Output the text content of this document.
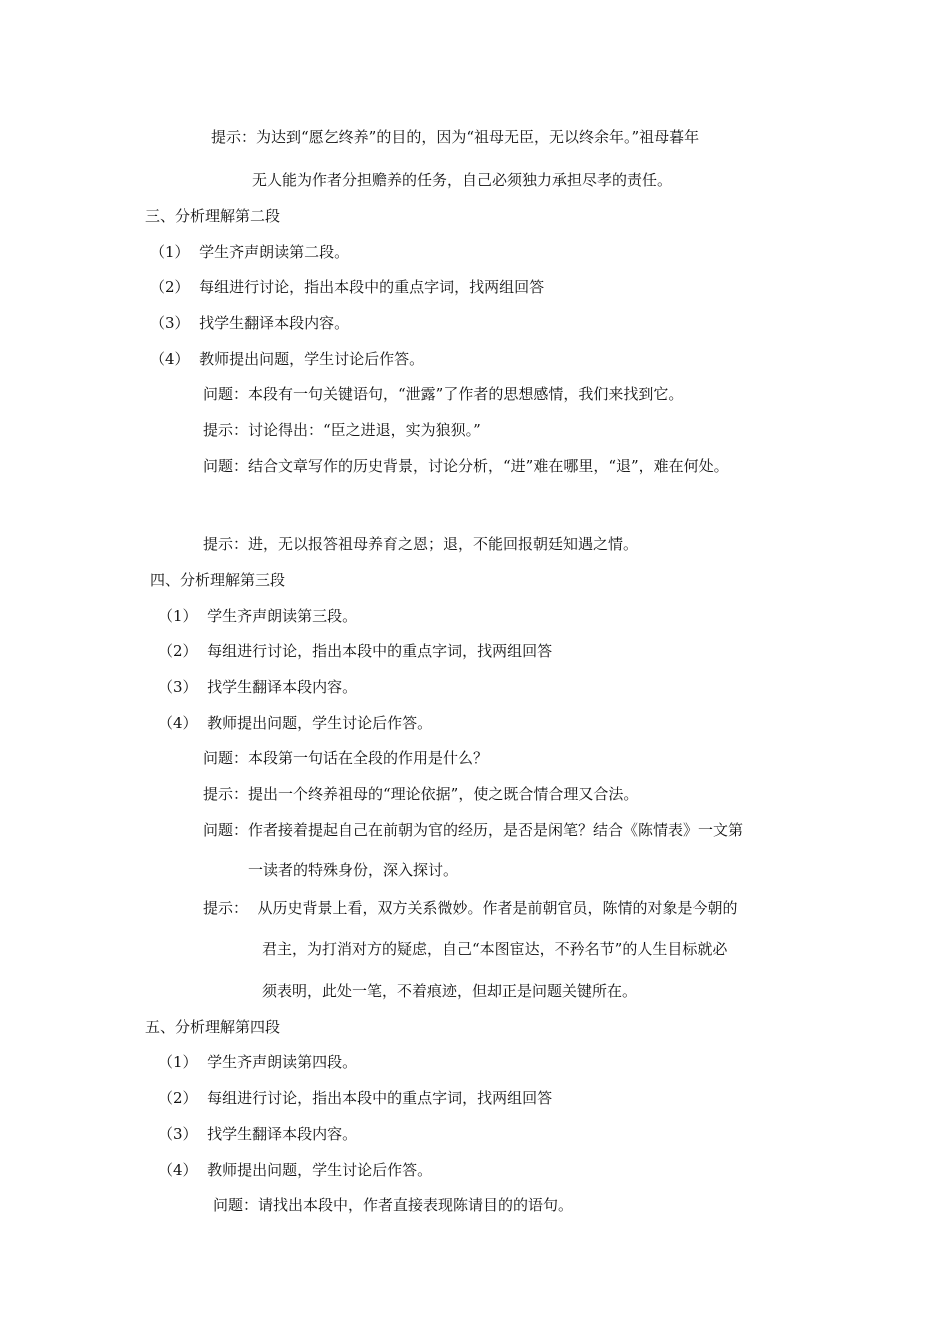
提示：为达到“愿乞终养”的目的，因为“祖母无臣，无以终余年。”祖母暮年
无人能为作者分担赡养的任务，自己必须独力承担尽孝的责任。
三、分析理解第二段
（1）  学生齐声朗读第二段。
（2）  每组进行讨论，指出本段中的重点字词，找两组回答
（3）  找学生翻译本段内容。
（4）  教师提出问题，学生讨论后作答。
问题：本段有一句关键语句，“泄露”了作者的思想感情，我们来找到它。
提示：讨论得出：“臣之进退，实为狼狈。”
问题：结合文章写作的历史背景，讨论分析，“进”难在哪里，“退”，难在何处。
提示：进，无以报答祖母养育之恩；退，不能回报朝廷知遇之情。
四、分析理解第三段
（1）  学生齐声朗读第三段。
（2）  每组进行讨论，指出本段中的重点字词，找两组回答
（3）  找学生翻译本段内容。
（4）  教师提出问题，学生讨论后作答。
问题：本段第一句话在全段的作用是什么？
提示：提出一个终养祖母的“理论依据”，使之既合情合理又合法。
问题：作者接着提起自己在前朝为官的经历，是否是闲笔？结合《陈情表》一文第
一读者的特殊身份，深入探讨。
提示：  从历史背景上看，双方关系微妙。作者是前朝官员，陈情的对象是今朝的
君主，为打消对方的疑虑，自己“本图宦达，不矜名节”的人生目标就必
须表明，此处一笔，不着痕迹，但却正是问题关键所在。
五、分析理解第四段
（1）  学生齐声朗读第四段。
（2）  每组进行讨论，指出本段中的重点字词，找两组回答
（3）  找学生翻译本段内容。
（4）  教师提出问题，学生讨论后作答。
问题：请找出本段中，作者直接表现陈请目的的语句。
